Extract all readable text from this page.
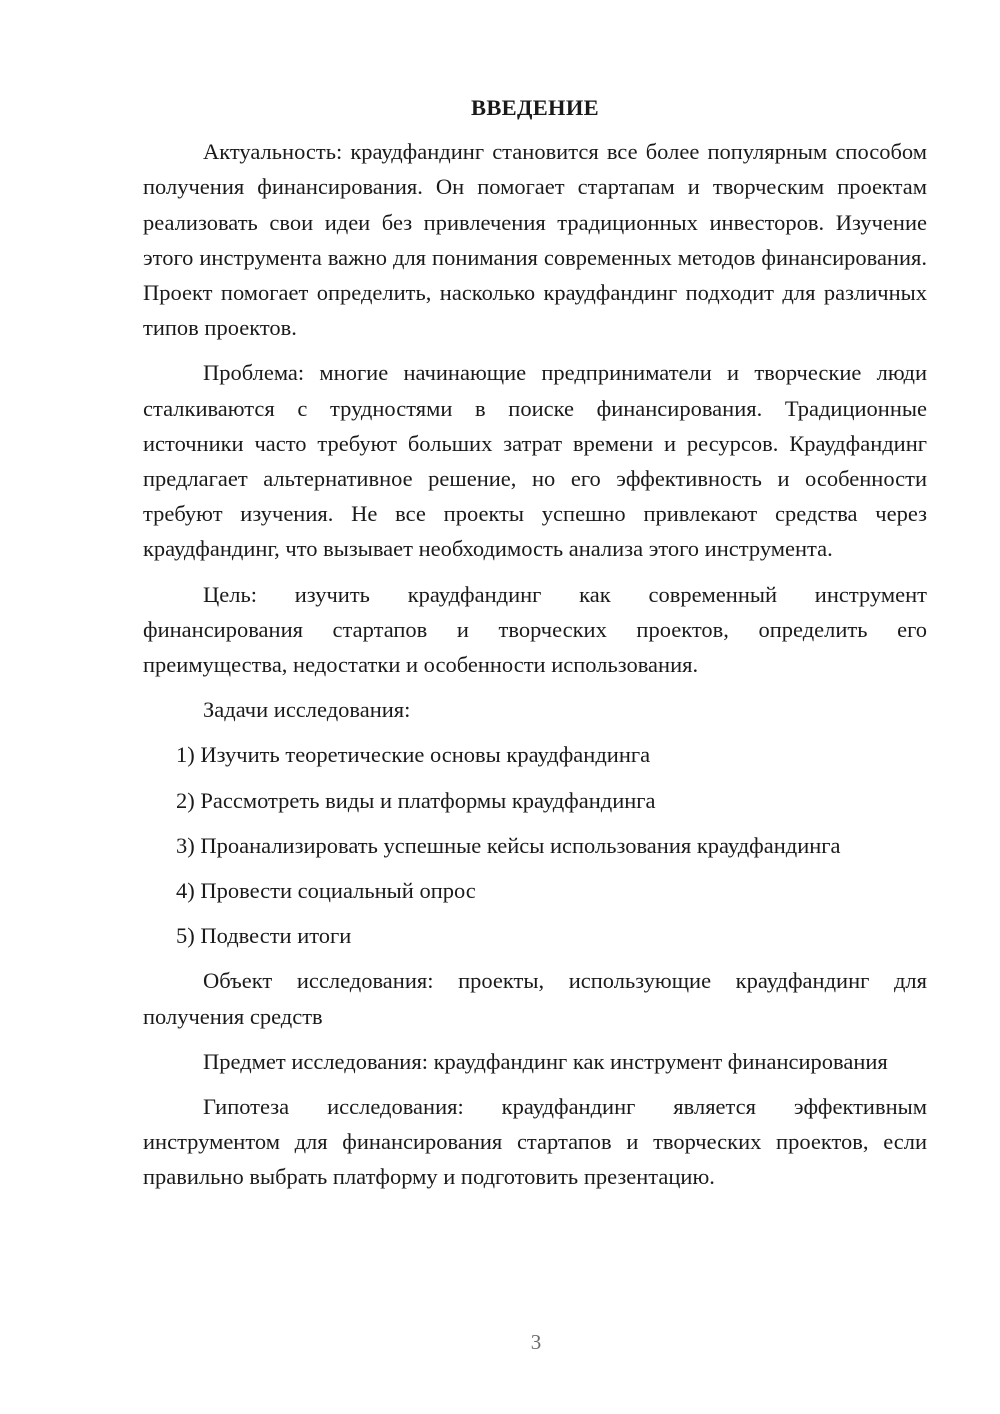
ВВЕДЕНИЕ

Актуальность: краудфандинг становится все более популярным способом получения финансирования. Он помогает стартапам и творческим проектам реализовать свои идеи без привлечения традиционных инвесторов. Изучение этого инструмента важно для понимания современных методов финансирования. Проект помогает определить, насколько краудфандинг подходит для различных типов проектов.

Проблема: многие начинающие предприниматели и творческие люди сталкиваются с трудностями в поиске финансирования. Традиционные источники часто требуют больших затрат времени и ресурсов. Краудфандинг предлагает альтернативное решение, но его эффективность и особенности требуют изучения. Не все проекты успешно привлекают средства через краудфандинг, что вызывает необходимость анализа этого инструмента.

Цель: изучить краудфандинг как современный инструмент финансирования стартапов и творческих проектов, определить его преимущества, недостатки и особенности использования.

Задачи исследования:

1) Изучить теоретические основы краудфандинга

2) Рассмотреть виды и платформы краудфандинга

3) Проанализировать успешные кейсы использования краудфандинга

4) Провести социальный опрос

5) Подвести итоги

Объект исследования: проекты, использующие краудфандинг для получения средств

Предмет исследования: краудфандинг как инструмент финансирования

Гипотеза исследования: краудфандинг является эффективным инструментом для финансирования стартапов и творческих проектов, если правильно выбрать платформу и подготовить презентацию.

3
